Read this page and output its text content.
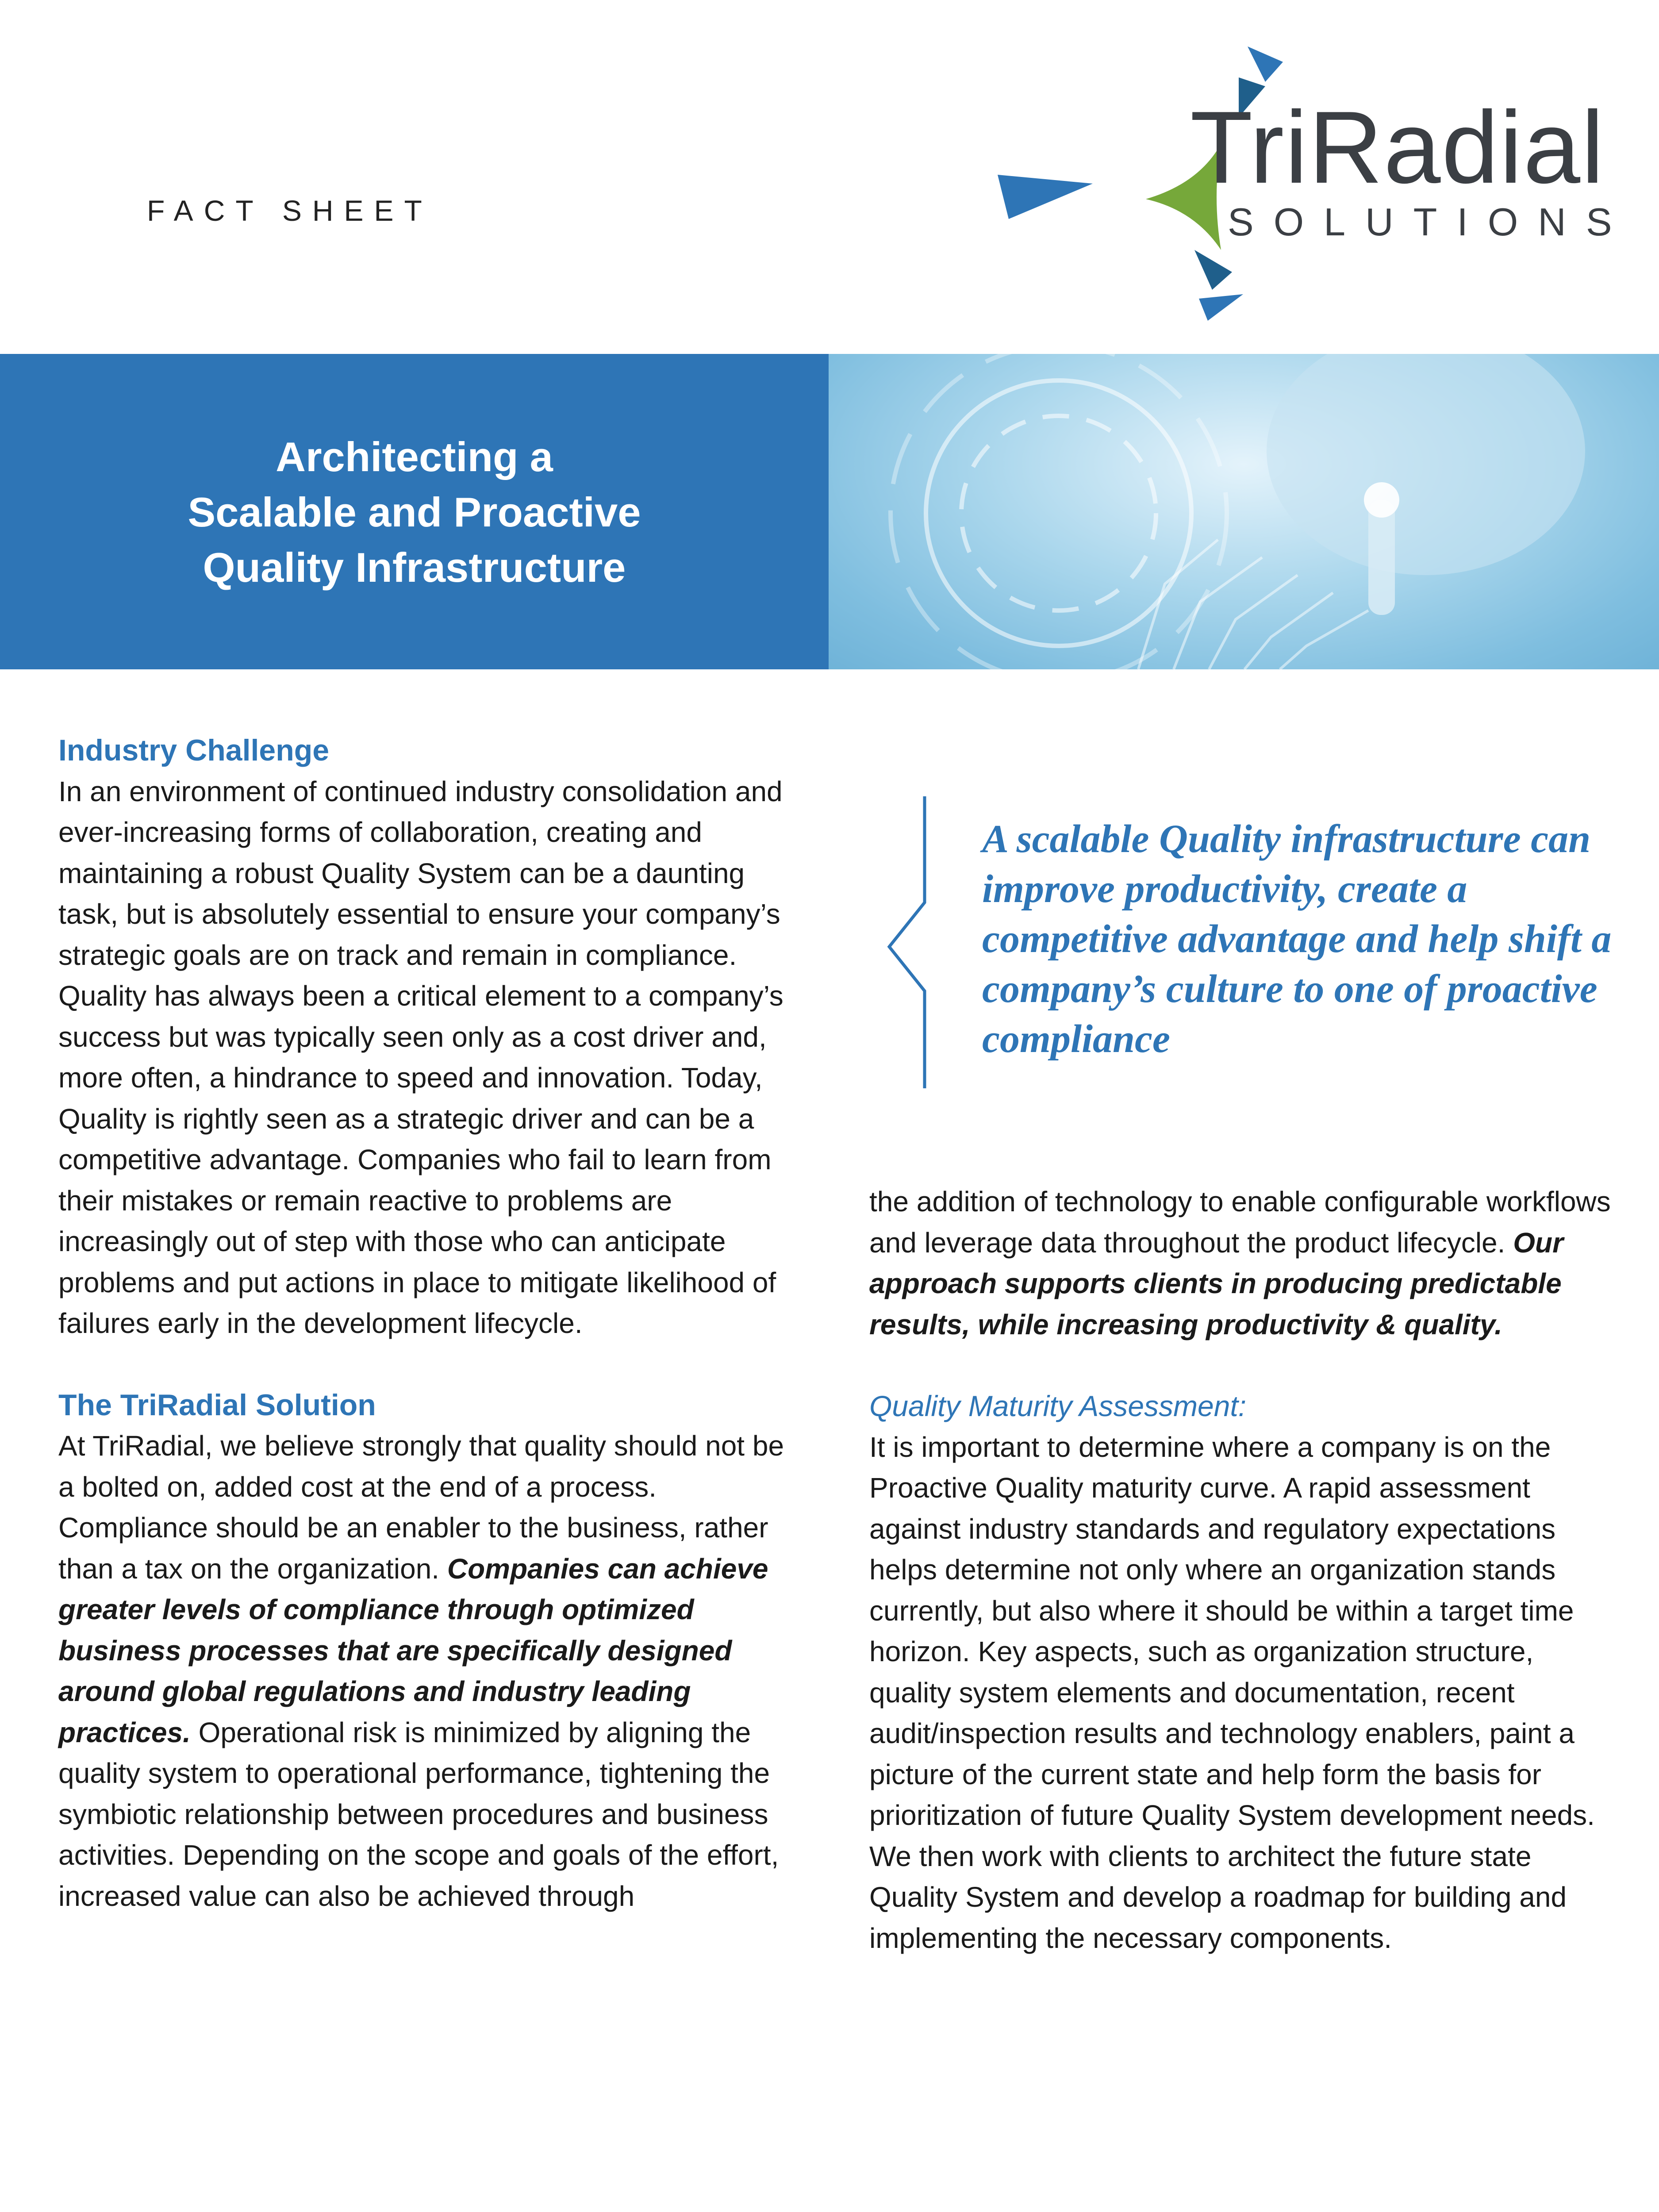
FACT SHEET
TriRadial
SOLUTIONS
Architecting a
Scalable and Proactive
Quality Infrastructure

Industry Challenge

In an environment of continued industry consolidation and ever-increasing forms of collaboration, creating and maintaining a robust Quality System can be a daunting task, but is absolutely essential to ensure your company’s strategic goals are on track and remain in compliance. Quality has always been a critical element to a company’s success but was typically seen only as a cost driver and, more often, a hindrance to speed and innovation. Today, Quality is rightly seen as a strategic driver and can be a competitive advantage. Companies who fail to learn from their mistakes or remain reactive to problems are increasingly out of step with those who can anticipate problems and put actions in place to mitigate likelihood of failures early in the development lifecycle.

The TriRadial Solution

At TriRadial, we believe strongly that quality should not be a bolted on, added cost at the end of a process. Compliance should be an enabler to the business, rather than a tax on the organization. Companies can achieve greater levels of compliance through optimized business processes that are specifically designed around global regulations and industry leading practices. Operational risk is minimized by aligning the quality system to operational performance, tightening the symbiotic relationship between procedures and business activities. Depending on the scope and goals of the effort, increased value can also be achieved through

A scalable Quality infrastructure can improve productivity, create a competitive advantage and help shift a company’s culture to one of proactive compliance

the addition of technology to enable configurable workflows and leverage data throughout the product lifecycle. Our approach supports clients in producing predictable results, while increasing productivity & quality.

Quality Maturity Assessment:

It is important to determine where a company is on the Proactive Quality maturity curve. A rapid assessment against industry standards and regulatory expectations helps determine not only where an organization stands currently, but also where it should be within a target time horizon. Key aspects, such as organization structure, quality system elements and documentation, recent audit/inspection results and technology enablers, paint a picture of the current state and help form the basis for prioritization of future Quality System development needs. We then work with clients to architect the future state Quality System and develop a roadmap for building and implementing the necessary components.
